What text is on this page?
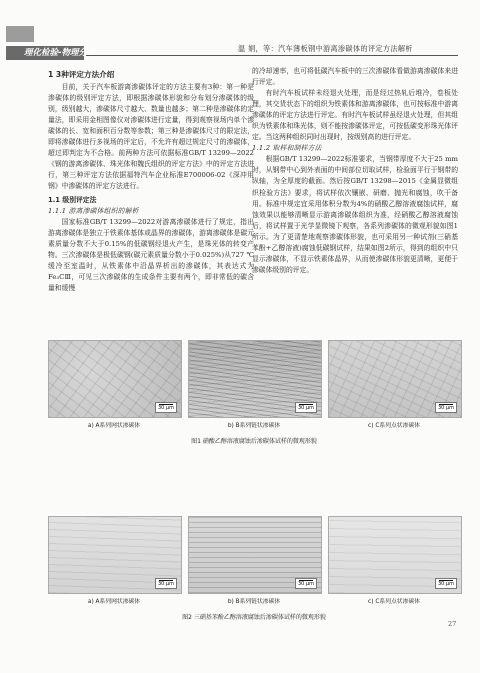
理化检验-物理分册	温 娟，等：汽车薄板钢中游离渗碳体的评定方法解析
1 3种评定方法介绍

目前，关于汽车板游离渗碳体评定的方法主要有3种：第一种是渗碳体的级别评定方法，即根据渗碳体形貌和分布划分渗碳体的级别，级别越大，渗碳体尺寸越大、数量也越多；第二种是渗碳体的定量法，即采用金相图像仪对渗碳体进行定量，得到观察视场内单个渗碳体的长、宽和面积百分数等参数；第三种是渗碳体尺寸的限定法，即将渗碳体进行多视场的评定后，不允许有超过规定尺寸的渗碳体，超过即判定为不合格。前两种方法可依据标准GB/T 13299—2022《钢的游离渗碳体、珠光体和魏氏组织的评定方法》中的评定方法进行，第三种评定方法依据福特汽车企业标准E700006-02《深冲用钢》中渗碳体的评定方法进行。

1.1 级别评定法
1.1.1 游离渗碳体组织的解析

国家标准GB/T 13299—2022对游离渗碳体进行了规定，指出游离渗碳体是独立于铁素体基体或晶界的渗碳体，游离渗碳体是碳元素质量分数不大于0.15%的低碳钢经退火产生，是珠光体的转变产物。三次渗碳体是极低碳钢(碳元素质量分数小于0.025%)从727 ℃缓冷至室温时，从铁素体中沿晶界析出的渗碳体，其表达式为Fe₃CⅢ，可见三次渗碳体的生成条件主要有两个，即非常低的碳含量和缓慢

的冷却速率，也可将低碳汽车板中的三次渗碳体看做游离渗碳体来进行评定。

有时汽车板试样未经退火处理，而是经过热轧后堆冷，卷板处理，其交货状态下的组织为铁素体和游离渗碳体，也可按标准中游离渗碳体的评定方法进行评定。有时汽车板试样虽经退火处理，但其组织为铁素体和珠光体，则不能按渗碳体评定，可按低碳变形珠光体评定。当这两种组织同时出现时，按级别高的进行评定。

1.1.2 取样和制样方法

根据GB/T 13299—2022标准要求，当钢带厚度不大于25 mm时，从钢带中心到外表面的中间部位切取试样，检验面平行于钢带的纵轴，为全厚度的截面。然后按GB/T 13298—2015《金属显微组织检验方法》要求，将试样依次镶嵌、研磨、抛光和腐蚀，吹干备用。标准中规定宜采用体积分数为4%的硝酸乙醇溶液腐蚀试样，腐蚀效果以能够清晰显示游离渗碳体组织为准，经硝酸乙醇溶液腐蚀后，将试样置于光学显微镜下观察，各系列渗碳体的微观形貌如图1所示。为了更清楚地观察渗碳体形貌，也可采用另一种试剂(三硝基苯酚+乙醇溶液)腐蚀低碳钢试样，结果如图2所示，得到的组织中只显示渗碳体，不显示铁素体晶界，从而使渗碳体形貌更清晰，更便于渗碳体级别的评定。

30 μm	30 μm	30 μm
a) A系列网状渗碳体	b) B系列链状渗碳体	c) C系列点状渗碳体
图1 硝酸乙醇溶液腐蚀后渗碳体试样的微观形貌
30 μm	30 μm	30 μm
a) A系列网状渗碳体	b) B系列链状渗碳体	c) C系列点状渗碳体
图2 三硝基苯酚乙醇溶液腐蚀后渗碳体试样的微观形貌
27
